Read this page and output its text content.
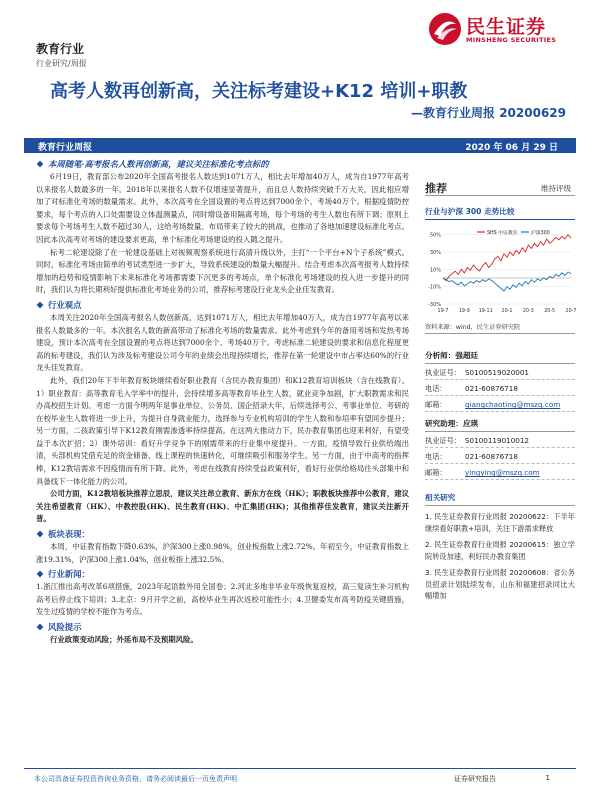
教育行业
行业研究/周报
民生证券
MINSHENG SECURITIES
高考人数再创新高，关注标考建设+K12 培训+职教
—教育行业周报 20200629
教育行业周报	2020 年 06 月 29 日
本周随笔·高考报名人数再创新高，建议关注标准化考点标的

6月19日，教育部公布2020年全国高考报名人数达到1071万人，相比去年增加40万人，成为自1977年高考以来报名人数最多的一年。2018年以来报名人数不仅增速显著提升，而且总人数持续突破千万大关，因此相应增加了对标准化考场的数量需求。此外，本次高考在全国设置的考点将达到7000余个、考场40万个。根据疫情防控要求，每个考点的入口处需要设立体温测量点，同时增设备用隔离考场，每个考场的考生人数也有所下调；原则上要求每个考场考生人数不超过30人，这给考场数量、布局带来了较大的挑战，也推动了各地加速建设标准化考点。因此本次高考对考场的建设要求更高，单个标准化考场建设的投入随之提升。

标考二轮建设除了在一轮建设基础上对视频观察系统进行高清升级以外，主打“一个平台+N个子系统”模式。同时，标准化考场由简单的考试类型进一步扩大，导致系统建设的数量大幅提升。结合考虑本次高考报考人数持续增加的趋势和疫情影响下未来标准化考场都需要下沉更多的考场点，单个标准化考场建设的投入进一步提升的同时，我们认为将长期利好提供标准化考场业务的公司，推荐标考建设行业龙头企业佳发教育。

行业观点

本周关注2020年全国高考报名人数创新高，达到1071万人，相比去年增加40万人，成为自1977年高考以来报名人数最多的一年。本次报名人数的新高带动了标准化考场的数量需求。此外考虑到今年的备用考场和发热考场建设，预计本次高考在全国设置的考点将达到7000余个、考场40万个。考虑标准二轮建设的要求和信息化程度更高的标考建设，我们认为涉及标考建设公司今年的业绩会出现持续增长，推荐在第一轮建设中市占率达60%的行业龙头佳发教育。

此外，我们20年下半年教育板块继续看好职业教育（含民办教育集团）和K12教育培训板块（含在线教育）。1）职业教育：高等教育毛入学率中的提升，会持续增多高等教育毕业生人数，就业竞争加剧，扩大职教需求和民办高校招生计划。考虑一方面今明两年是事业单位、公务员、国企招录大年，后续选择考公、考事业单位、考研的在校毕业生人数将进一步上升，为提升自身就业能力，选择参与专业机构培训的学生人数和参培率有望同步提升；另一方面，二孩政策引导下K12教育刚需渗透率持续提高。在这两大推动力下，民办教育集团也迎来利好，有望受益于本次扩招；2）课外培训：看好升学竞争下的刚需带来的行业集中度提升。一方面，疫情导致行业供给端出清，头部机构凭借充足的资金储备、线上课程的快速转化，可继续吸引和服务学生。另一方面，由于中高考的指挥棒，K12教培需求不因疫情而有所下降。此外，考虑在线教育持续受益政策利好，看好行业供给格局往头部集中和具备线下一体化能力的公司。

公司方面，K12教培板块推荐立思辰，建议关注昂立教育、新东方在线（HK）；职教板块推荐中公教育，建议关注希望教育（HK）、中教控股(HK)、民生教育(HK)、中汇集团(HK)；其他推荐佳发教育，建议关注新开普。

板块表现：

本周，中证教育指数下降0.63%，沪深300上涨0.98%，创业板指数上涨2.72%。年初至今，中证教育指数上涨19.31%，沪深300上涨1.04%，创业板指上涨32.5%。

行业新闻：

1.浙江推出高考改革6项措施，2023年起语数外用全国卷；2.河北多地非毕业年级恢复返校，高三复读生补习机构高考后停止线下培训；3.北京：9月开学之前，高校毕业生再次返校可能性小；4.卫健委发布高考防疫关键措施，发生过疫情的学校不能作为考点。

风险提示

行业政策变动风险；外延布局不及预期风险。

推荐	维持评级
行业与沪深 300 走势比较
-30%
-10%
10%
30%
50%
19-7 19-9 19-11 20-1 20-3 20-5 20-7
SHS 中证教育	沪深300
资料来源：wind，民生证券研究院
分析师：强超廷
执业证号： S0100519020001
电话：	021-60876718
邮箱：	qiangchaoting@mszq.com
研究助理：应瑛
执业证号： S0100119010012
电话：	021-60876718
邮箱：	yingying@mszq.com
相关研究
1. 民生证券教育行业周报 20200622：下半年继续看好职教+培训，关注下游需求释放
2. 民生证券教育行业周报 20200615：独立学院转设加速，利好民办教育集团
3. 民生证券教育行业周报 20200608：省公务员招录计划陆续发布，山东和福建招录同比大幅增加
本公司具备证券投资咨询业务资格，请务必阅读最后一页免责声明	证券研究报告	1
